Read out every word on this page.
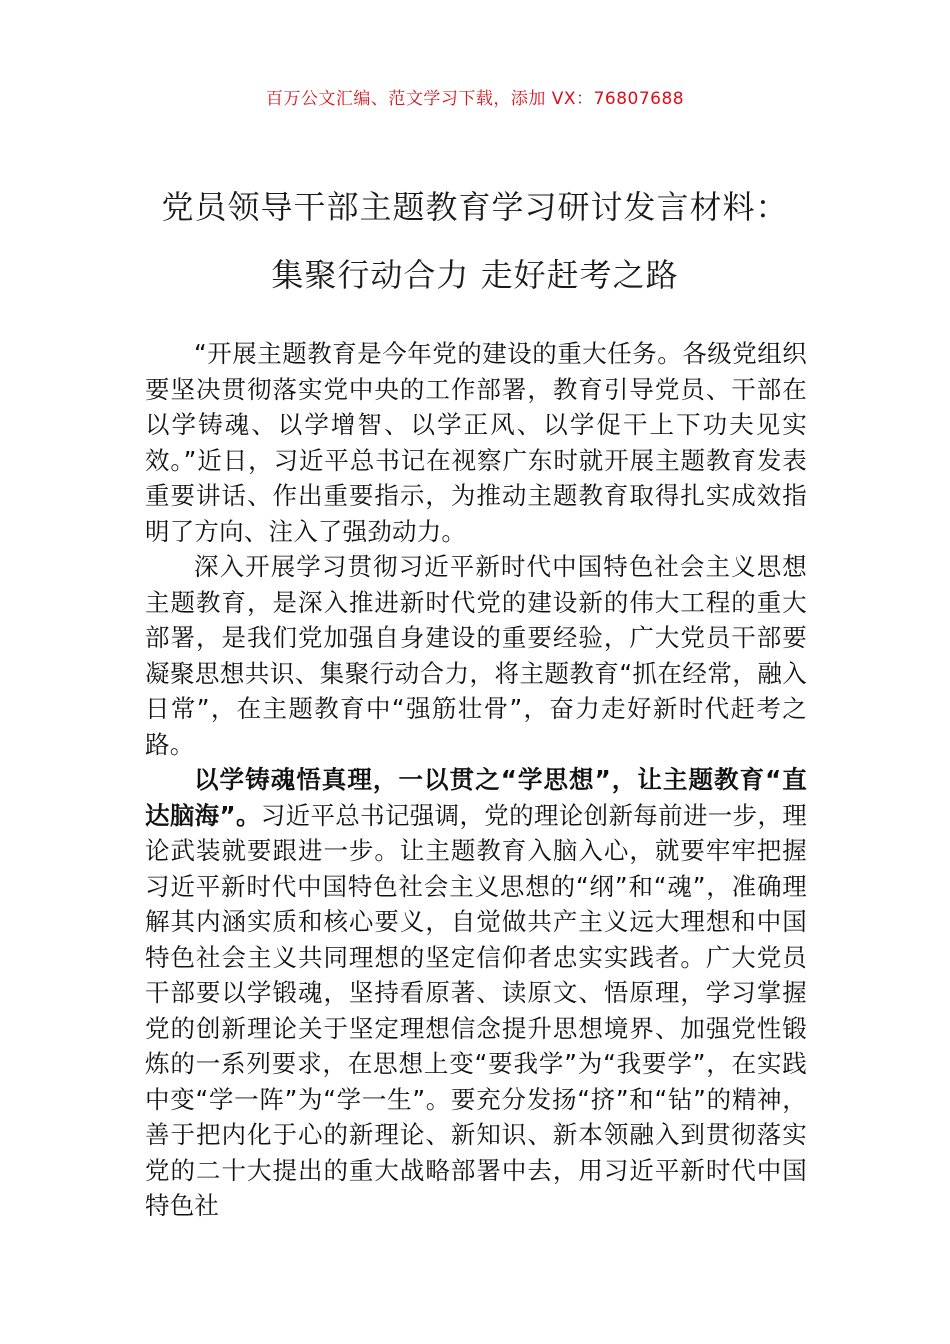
百万公文汇编、范文学习下载，添加 VX：76807688
党员领导干部主题教育学习研讨发言材料：
集聚行动合力 走好赶考之路

“开展主题教育是今年党的建设的重大任务。各级党组织要坚决贯彻落实党中央的工作部署，教育引导党员、干部在以学铸魂、以学增智、以学正风、以学促干上下功夫见实效。”近日，习近平总书记在视察广东时就开展主题教育发表重要讲话、作出重要指示，为推动主题教育取得扎实成效指明了方向、注入了强劲动力。

深入开展学习贯彻习近平新时代中国特色社会主义思想主题教育，是深入推进新时代党的建设新的伟大工程的重大部署，是我们党加强自身建设的重要经验，广大党员干部要凝聚思想共识、集聚行动合力，将主题教育“抓在经常，融入日常”，在主题教育中“强筋壮骨”，奋力走好新时代赶考之路。

以学铸魂悟真理，一以贯之“学思想”，让主题教育“直达脑海”。习近平总书记强调，党的理论创新每前进一步，理论武装就要跟进一步。让主题教育入脑入心，就要牢牢把握习近平新时代中国特色社会主义思想的“纲”和“魂”，准确理解其内涵实质和核心要义，自觉做共产主义远大理想和中国特色社会主义共同理想的坚定信仰者忠实实践者。广大党员干部要以学锻魂，坚持看原著、读原文、悟原理，学习掌握党的创新理论关于坚定理想信念提升思想境界、加强党性锻炼的一系列要求，在思想上变“要我学”为“我要学”，在实践中变“学一阵”为“学一生”。要充分发扬“挤”和“钻”的精神，善于把内化于心的新理论、新知识、新本领融入到贯彻落实党的二十大提出的重大战略部署中去，用习近平新时代中国特色社
